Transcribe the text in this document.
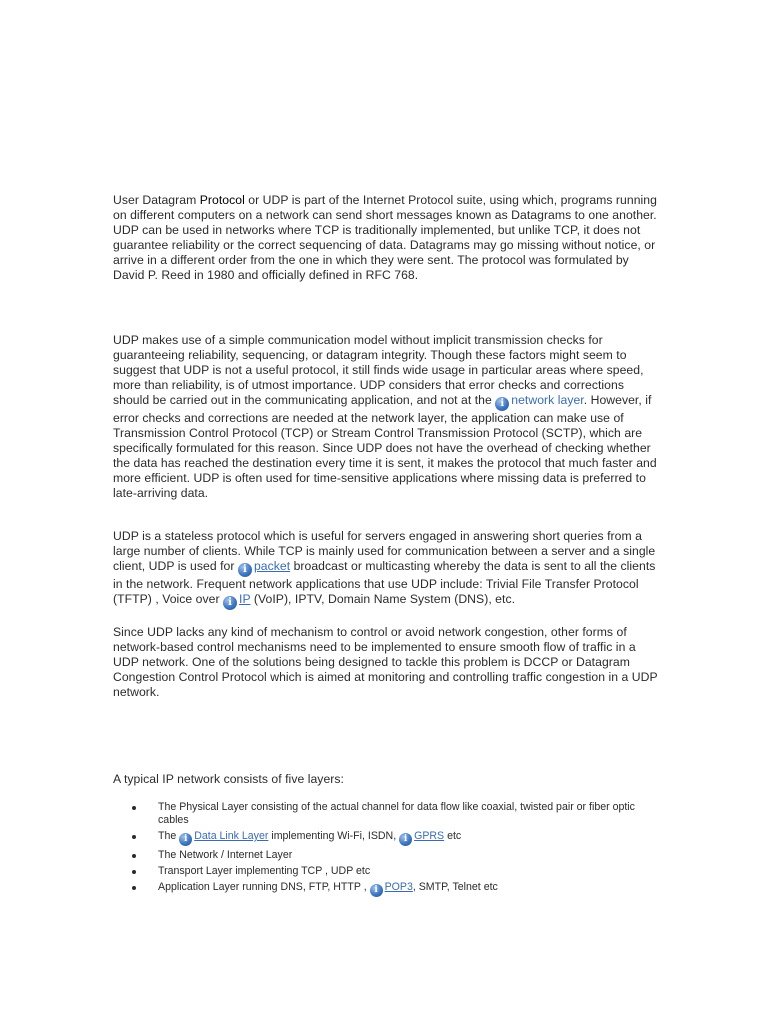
User Datagram Protocol or UDP is part of the Internet Protocol suite, using which, programs running on different computers on a network can send short messages known as Datagrams to one another. UDP can be used in networks where TCP is traditionally implemented, but unlike TCP, it does not guarantee reliability or the correct sequencing of data. Datagrams may go missing without notice, or arrive in a different order from the one in which they were sent. The protocol was formulated by David P. Reed in 1980 and officially defined in RFC 768.

UDP makes use of a simple communication model without implicit transmission checks for guaranteeing reliability, sequencing, or datagram integrity. Though these factors might seem to suggest that UDP is not a useful protocol, it still finds wide usage in particular areas where speed, more than reliability, is of utmost importance. UDP considers that error checks and corrections should be carried out in the communicating application, and not at the i network layer. However, if error checks and corrections are needed at the network layer, the application can make use of Transmission Control Protocol (TCP) or Stream Control Transmission Protocol (SCTP), which are specifically formulated for this reason. Since UDP does not have the overhead of checking whether the data has reached the destination every time it is sent, it makes the protocol that much faster and more efficient. UDP is often used for time-sensitive applications where missing data is preferred to late-arriving data.

UDP is a stateless protocol which is useful for servers engaged in answering short queries from a large number of clients. While TCP is mainly used for communication between a server and a single client, UDP is used for i packet broadcast or multicasting whereby the data is sent to all the clients in the network. Frequent network applications that use UDP include: Trivial File Transfer Protocol (TFTP) , Voice over i IP (VoIP), IPTV, Domain Name System (DNS), etc.

Since UDP lacks any kind of mechanism to control or avoid network congestion, other forms of network-based control mechanisms need to be implemented to ensure smooth flow of traffic in a UDP network. One of the solutions being designed to tackle this problem is DCCP or Datagram Congestion Control Protocol which is aimed at monitoring and controlling traffic congestion in a UDP network.

A typical IP network consists of five layers:

The Physical Layer consisting of the actual channel for data flow like coaxial, twisted pair or fiber optic cables
The i Data Link Layer implementing Wi-Fi, ISDN, i GPRS etc
The Network / Internet Layer
Transport Layer implementing TCP , UDP etc
Application Layer running DNS, FTP, HTTP , i POP3, SMTP, Telnet etc
